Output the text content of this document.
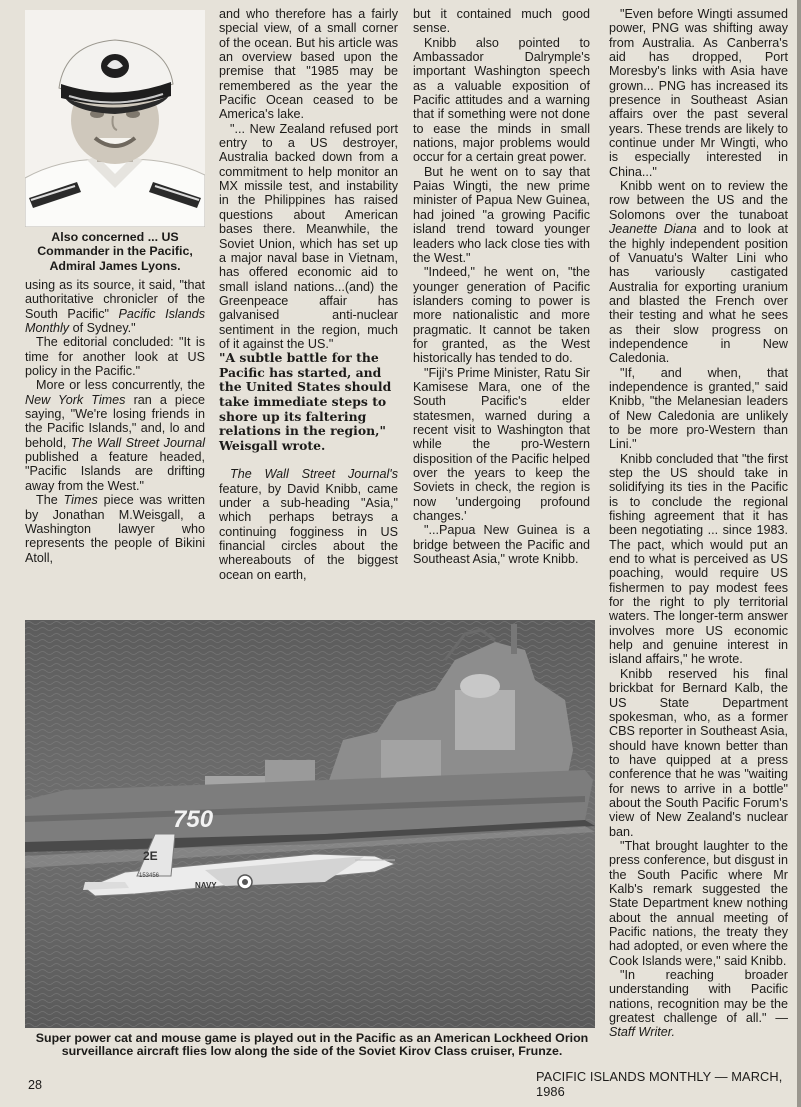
Also concerned ... US Commander in the Pacific, Admiral James Lyons.

using as its source, it said, "that authoritative chronicler of the South Pacific" Pacific Islands Monthly of Sydney."

The editorial concluded: "It is time for another look at US policy in the Pacific."

More or less concurrently, the New York Times ran a piece saying, "We're losing friends in the Pacific Islands," and, lo and behold, The Wall Street Journal published a feature headed, "Pacific Islands are drifting away from the West."

The Times piece was written by Jonathan M.Weisgall, a Washington lawyer who represents the people of Bikini Atoll,

and who therefore has a fairly special view, of a small corner of the ocean. But his article was an overview based upon the premise that "1985 may be remembered as the year the Pacific Ocean ceased to be America's lake.

"... New Zealand refused port entry to a US destroyer, Australia backed down from a commitment to help monitor an MX missile test, and instability in the Philippines has raised questions about American bases there. Meanwhile, the Soviet Union, which has set up a major naval base in Vietnam, has offered economic aid to small island nations...(and) the Greenpeace affair has galvanised anti-nuclear sentiment in the region, much of it against the US."

"A subtle battle for the Pacific has started, and the United States should take immediate steps to shore up its faltering relations in the region," Weisgall wrote.

The Wall Street Journal's feature, by David Knibb, came under a sub-heading "Asia," which perhaps betrays a continuing fogginess in US financial circles about the whereabouts of the biggest ocean on earth,

but it contained much good sense.

Knibb also pointed to Ambassador Dalrymple's important Washington speech as a valuable exposition of Pacific attitudes and a warning that if something were not done to ease the minds in small nations, major problems would occur for a certain great power.

But he went on to say that Paias Wingti, the new prime minister of Papua New Guinea, had joined "a growing Pacific island trend toward younger leaders who lack close ties with the West."

"Indeed," he went on, "the younger generation of Pacific islanders coming to power is more nationalistic and more pragmatic. It cannot be taken for granted, as the West historically has tended to do.

"Fiji's Prime Minister, Ratu Sir Kamisese Mara, one of the South Pacific's elder statesmen, warned during a recent visit to Washington that while the pro-Western disposition of the Pacific helped over the years to keep the Soviets in check, the region is now 'undergoing profound changes.'

"...Papua New Guinea is a bridge between the Pacific and Southeast Asia," wrote Knibb.

"Even before Wingti assumed power, PNG was shifting away from Australia. As Canberra's aid has dropped, Port Moresby's links with Asia have grown... PNG has increased its presence in Southeast Asian affairs over the past several years. These trends are likely to continue under Mr Wingti, who is especially interested in China..."

Knibb went on to review the row between the US and the Solomons over the tunaboat Jeanette Diana and to look at the highly independent position of Vanuatu's Walter Lini who has variously castigated Australia for exporting uranium and blasted the French over their testing and what he sees as their slow progress on independence in New Caledonia.

"If, and when, that independence is granted," said Knibb, "the Melanesian leaders of New Caledonia are unlikely to be more pro-Western than Lini."

Knibb concluded that "the first step the US should take in solidifying its ties in the Pacific is to conclude the regional fishing agreement that it has been negotiating ... since 1983. The pact, which would put an end to what is perceived as US poaching, would require US fishermen to pay modest fees for the right to ply territorial waters. The longer-term answer involves more US economic help and genuine interest in island affairs," he wrote.

Knibb reserved his final brickbat for Bernard Kalb, the US State Department spokesman, who, as a former CBS reporter in Southeast Asia, should have known better than to have quipped at a press conference that he was "waiting for news to arrive in a bottle" about the South Pacific Forum's view of New Zealand's nuclear ban.

"That brought laughter to the press conference, but disgust in the South Pacific where Mr Kalb's remark suggested the State Department knew nothing about the annual meeting of Pacific nations, the treaty they had adopted, or even where the Cook Islands were," said Knibb.

"In reaching broader understanding with Pacific nations, recognition may be the greatest challenge of all." — Staff Writer.

750
2E
153456
NAVY
Super power cat and mouse game is played out in the Pacific as an American Lockheed Orion surveillance aircraft flies low along the side of the Soviet Kirov Class cruiser, Frunze.
28
PACIFIC ISLANDS MONTHLY — MARCH, 1986
